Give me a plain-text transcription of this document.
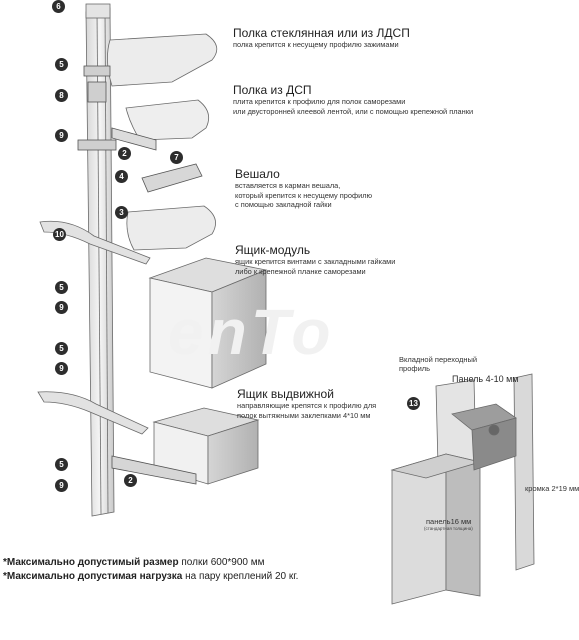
enTo
Полка стеклянная или из ЛДСП
полка крепится к несущему профилю зажимами
Полка из ДСП
плита крепится к профилю для полок саморезами
или двусторонней клеевой лентой, или с помощью крепежной планки
Вешало
вставляется в карман вешала,
который крепится к несущему профилю
с помощью закладной гайки
Ящик-модуль
ящик крепится винтами с закладными гайками
либо к крепежной планке саморезами
Ящик выдвижной
направляющие крепятся к профилю для
полок вытяжными заклепками 4*10 мм
6
5
8
9
2	7
4
3
10
5
9
5
9
5
9
2
13
Вкладной переходный
профиль
Панель 4-10 мм
кромка 2*19 мм
панель16 мм
(стандартная толщина)
*Максимально допустимый размер полки 600*900 мм
*Максимально допустимая нагрузка на пару креплений 20 кг.
